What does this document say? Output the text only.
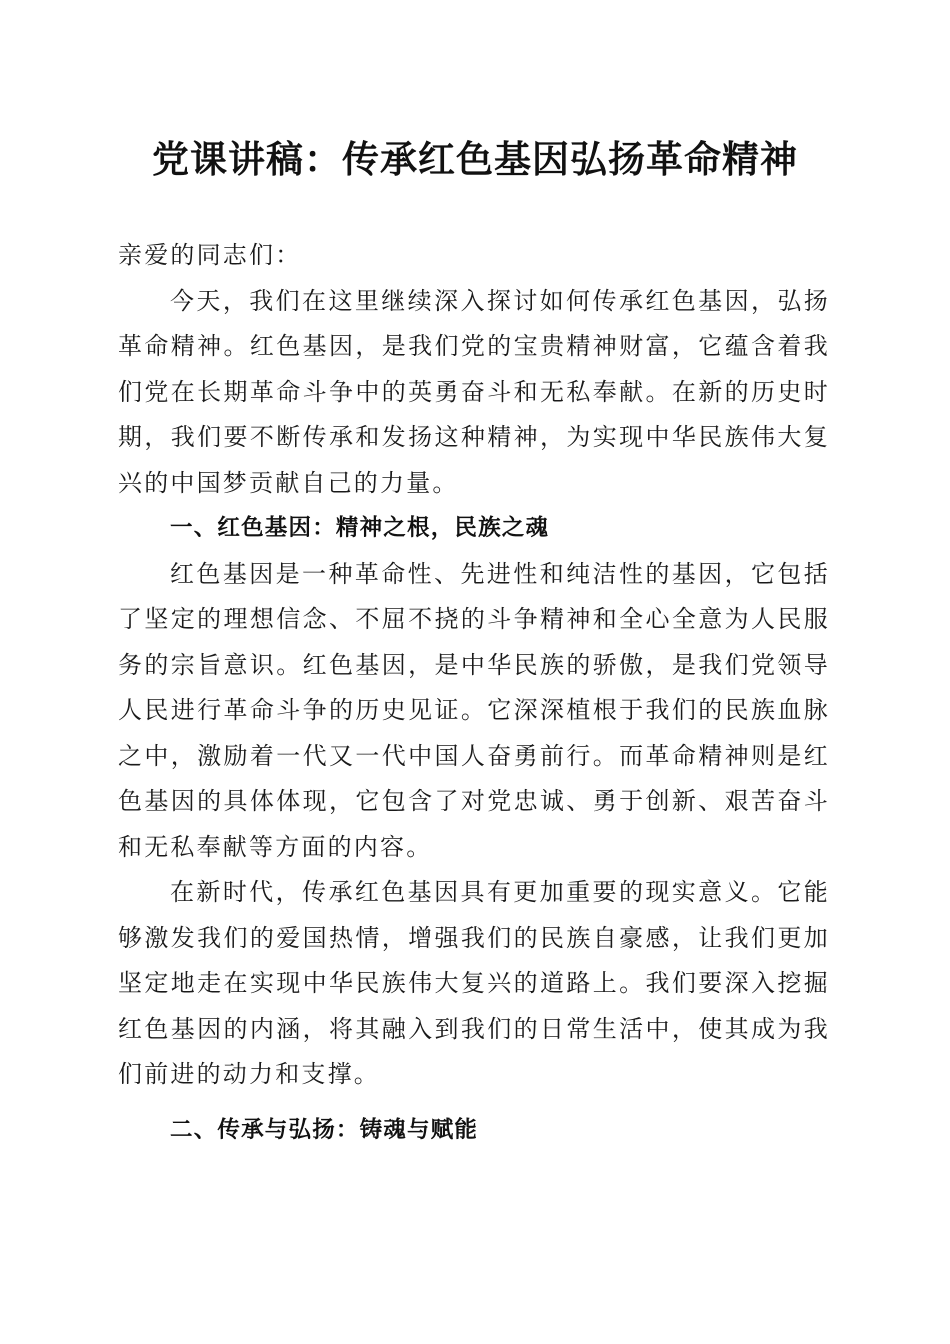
党课讲稿：传承红色基因弘扬革命精神

亲爱的同志们：

今天，我们在这里继续深入探讨如何传承红色基因，弘扬革命精神。红色基因，是我们党的宝贵精神财富，它蕴含着我们党在长期革命斗争中的英勇奋斗和无私奉献。在新的历史时期，我们要不断传承和发扬这种精神，为实现中华民族伟大复兴的中国梦贡献自己的力量。

一、红色基因：精神之根，民族之魂

红色基因是一种革命性、先进性和纯洁性的基因，它包括了坚定的理想信念、不屈不挠的斗争精神和全心全意为人民服务的宗旨意识。红色基因，是中华民族的骄傲，是我们党领导人民进行革命斗争的历史见证。它深深植根于我们的民族血脉之中，激励着一代又一代中国人奋勇前行。而革命精神则是红色基因的具体体现，它包含了对党忠诚、勇于创新、艰苦奋斗和无私奉献等方面的内容。

在新时代，传承红色基因具有更加重要的现实意义。它能够激发我们的爱国热情，增强我们的民族自豪感，让我们更加坚定地走在实现中华民族伟大复兴的道路上。我们要深入挖掘红色基因的内涵，将其融入到我们的日常生活中，使其成为我们前进的动力和支撑。

二、传承与弘扬：铸魂与赋能
